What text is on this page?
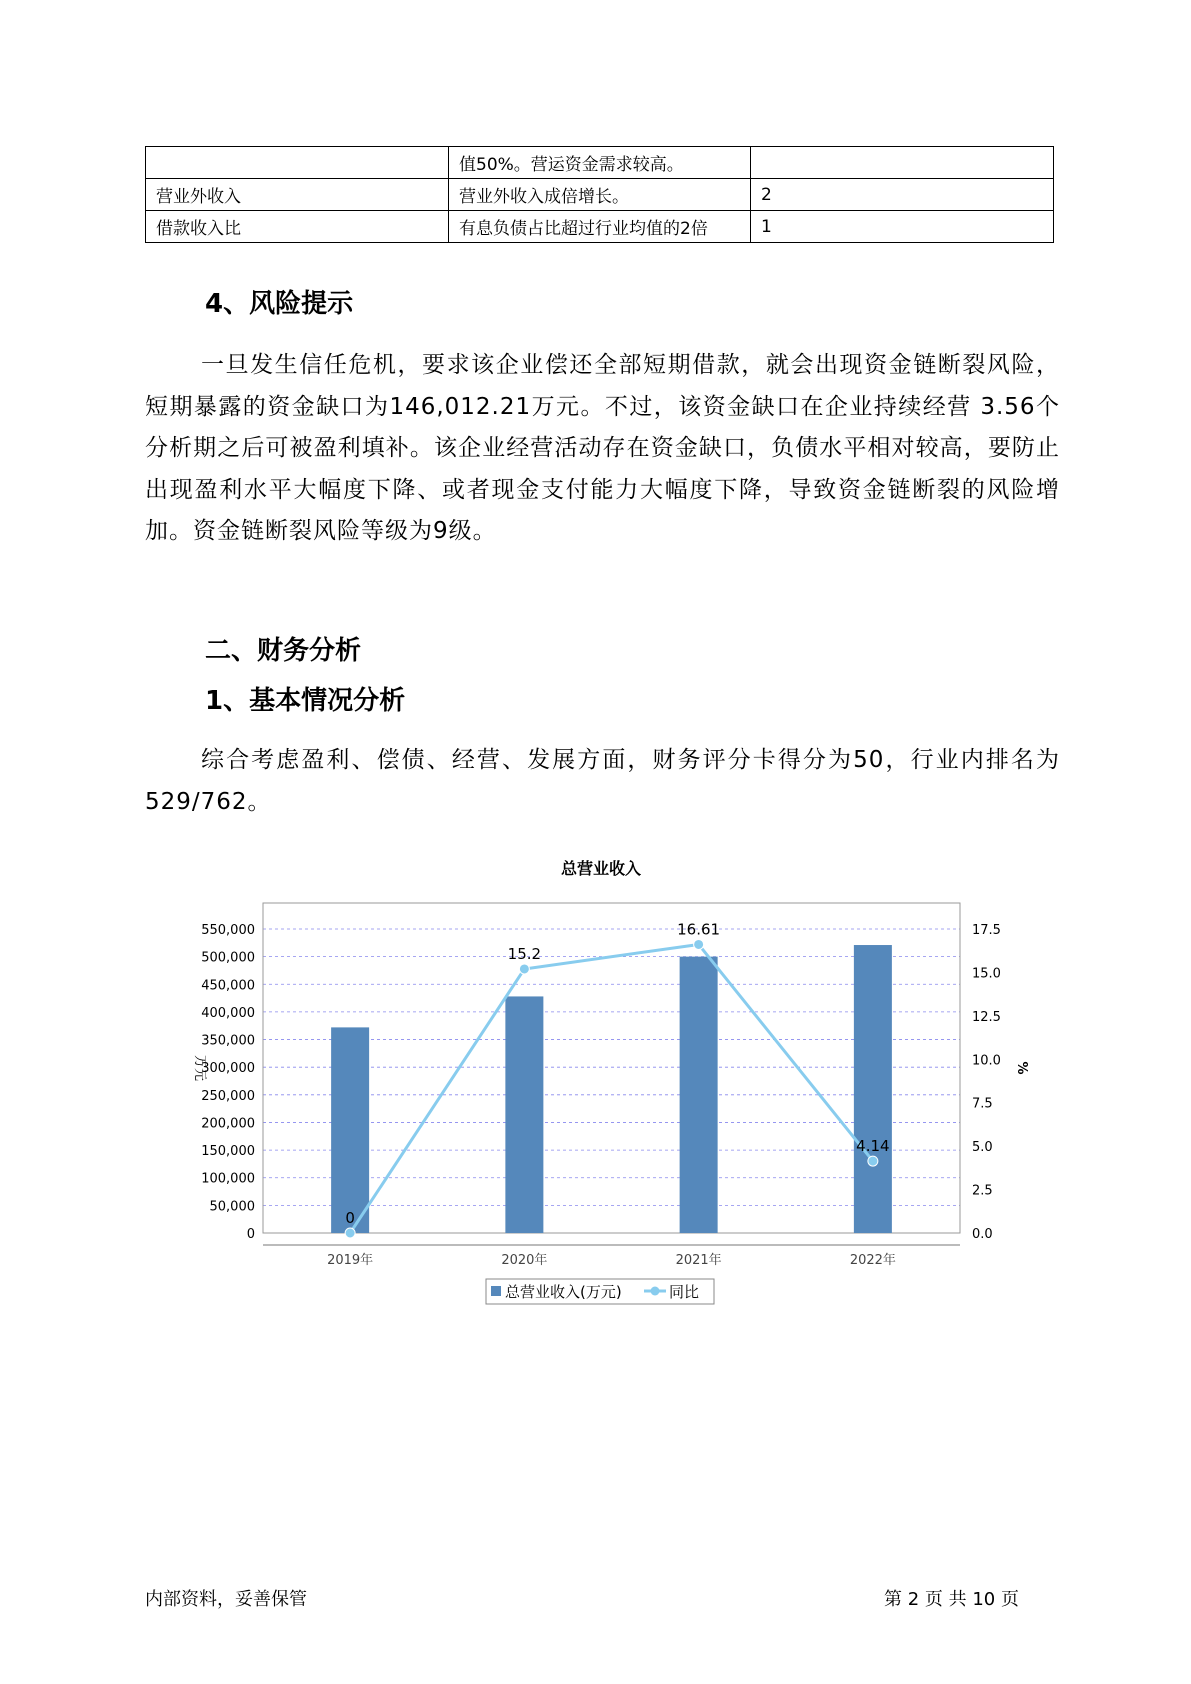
	值50%。营运资金需求较高。	
营业外收入	营业外收入成倍增长。	2
借款收入比	有息负债占比超过行业均值的2倍	1
4、风险提示

一旦发生信任危机，要求该企业偿还全部短期借款，就会出现资金链断裂风险，短期暴露的资金缺口为146,012.21万元。不过，该资金缺口在企业持续经营 3.56个分析期之后可被盈利填补。该企业经营活动存在资金缺口，负债水平相对较高，要防止出现盈利水平大幅度下降、或者现金支付能力大幅度下降，导致资金链断裂的风险增加。资金链断裂风险等级为9级。

二、财务分析
1、基本情况分析

综合考虑盈利、偿债、经营、发展方面，财务评分卡得分为50，行业内排名为529/762。

总营业收入
0
50,000
100,000
150,000
200,000
250,000
300,000
350,000
400,000
450,000
500,000
550,000
0.0
2.5
5.0
7.5
10.0
12.5
15.0
17.5
2019年	2020年	2021年	2022年
0
15.2
16.61
4.14
万元	%
总营业收入(万元)	同比
内部资料，妥善保管	第 2 页 共 10 页
